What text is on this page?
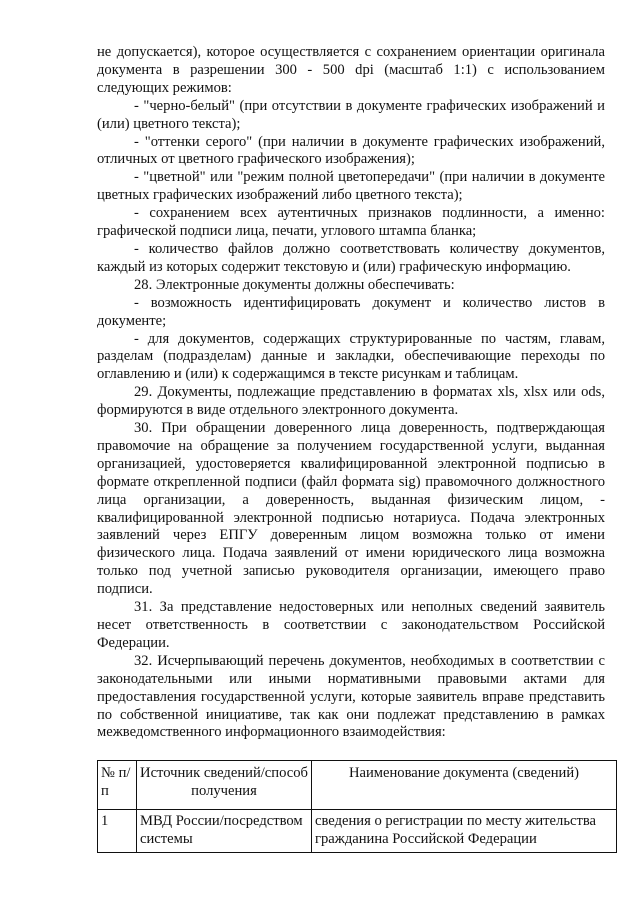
не допускается), которое осуществляется с сохранением ориентации оригинала документа в разрешении 300 - 500 dpi (масштаб 1:1) с использованием следующих режимов:

- "черно-белый" (при отсутствии в документе графических изображений и (или) цветного текста);

- "оттенки серого" (при наличии в документе графических изображений, отличных от цветного графического изображения);

- "цветной" или "режим полной цветопередачи" (при наличии в документе цветных графических изображений либо цветного текста);

- сохранением всех аутентичных признаков подлинности, а именно: графической подписи лица, печати, углового штампа бланка;

- количество файлов должно соответствовать количеству документов, каждый из которых содержит текстовую и (или) графическую информацию.

28. Электронные документы должны обеспечивать:

- возможность идентифицировать документ и количество листов в документе;

- для документов, содержащих структурированные по частям, главам, разделам (подразделам) данные и закладки, обеспечивающие переходы по оглавлению и (или) к содержащимся в тексте рисункам и таблицам.

29. Документы, подлежащие представлению в форматах xls, xlsx или ods, формируются в виде отдельного электронного документа.

30. При обращении доверенного лица доверенность, подтверждающая правомочие на обращение за получением государственной услуги, выданная организацией, удостоверяется квалифицированной электронной подписью в формате открепленной подписи (файл формата sig) правомочного должностного лица организации, а доверенность, выданная физическим лицом, - квалифицированной электронной подписью нотариуса. Подача электронных заявлений через ЕПГУ доверенным лицом возможна только от имени физического лица. Подача заявлений от имени юридического лица возможна только под учетной записью руководителя организации, имеющего право подписи.

31. За представление недостоверных или неполных сведений заявитель несет ответственность в соответствии с законодательством Российской Федерации.

32. Исчерпывающий перечень документов, необходимых в соответствии с законодательными или иными нормативными правовыми актами для предоставления государственной услуги, которые заявитель вправе представить по собственной инициативе, так как они подлежат представлению в рамках межведомственного информационного взаимодействия:

№ п/п	Источник сведений/способ получения	Наименование документа (сведений)
1	МВД России/посредством системы	сведения о регистрации по месту жительства гражданина Российской Федерации
